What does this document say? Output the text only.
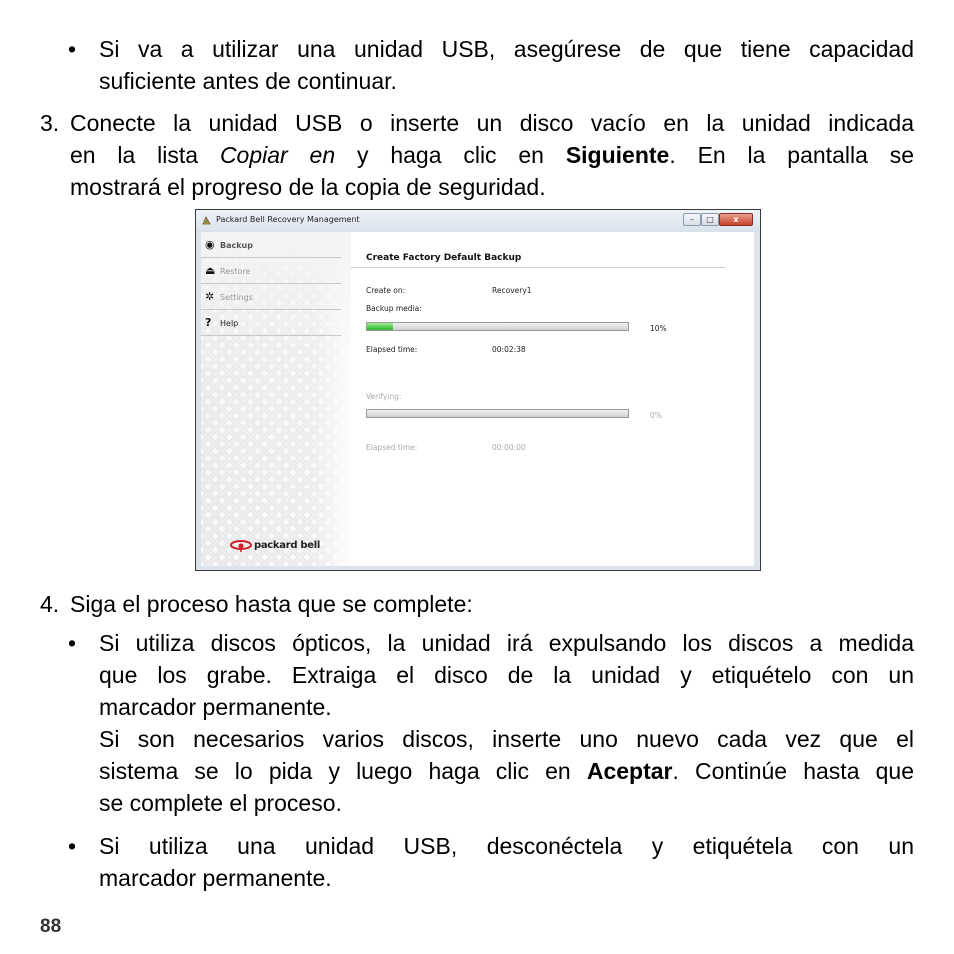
• Si va a utilizar una unidad USB, asegúrese de que tiene capacidad
suficiente antes de continuar.
3. Conecte la unidad USB o inserte un disco vacío en la unidad indicada
en la lista Copiar en y haga clic en Siguiente. En la pantalla se
mostrará el progreso de la copia de seguridad.
Packard Bell Recovery Management	–	□	x
◉ Backup
⏏ Restore
✲ Settings
?	Help
packard bell
Create Factory Default Backup
Create on:	Recovery1
Backup media:
10%
Elapsed time:	00:02:38
Verifying:
0%
Elapsed time:	00:00:00
4. Siga el proceso hasta que se complete:
• Si utiliza discos ópticos, la unidad irá expulsando los discos a medida
que los grabe. Extraiga el disco de la unidad y etiquételo con un
marcador permanente.
Si son necesarios varios discos, inserte uno nuevo cada vez que el
sistema se lo pida y luego haga clic en Aceptar. Continúe hasta que
se complete el proceso.
• Si utiliza una unidad USB, desconéctela y etiquétela con un
marcador permanente.
88
